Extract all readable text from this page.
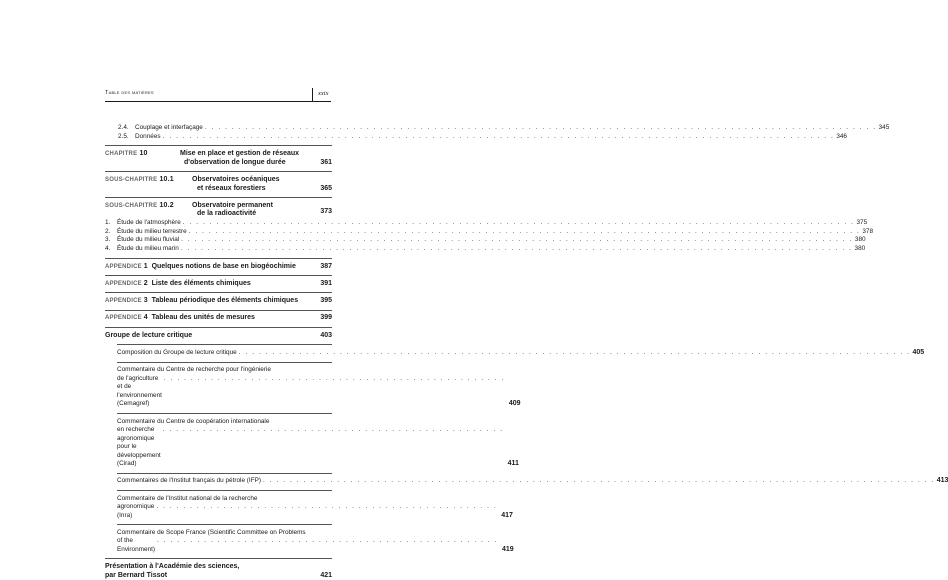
Table des matières	xxix
2.4. Couplage et interfaçage . . .	345
2.5. Données . . .	346
CHAPITRE 10	Mise en place et gestion de réseaux
d'observation de longue durée	361
SOUS-CHAPITRE 10.1	Observatoires océaniques
et réseaux forestiers	365
SOUS-CHAPITRE 10.2	Observatoire permanent
de la radioactivité	373
1. Étude de l'atmosphère . . .	375
2. Étude du milieu terrestre . . .	378
3. Étude du milieu fluvial . . .	380
4. Étude du milieu marin . . .	380
APPENDICE 1 Quelques notions de base en biogéochimie	387
APPENDICE 2 Liste des éléments chimiques	391
APPENDICE 3 Tableau périodique des éléments chimiques	395
APPENDICE 4 Tableau des unités de mesures	399
Groupe de lecture critique	403
Composition du Groupe de lecture critique . . .	405
Commentaire du Centre de recherche pour l'ingénierie
de l'agriculture et de l'environnement (Cemagref)
. . .	409
Commentaire du Centre de coopération internationale
en recherche agronomique pour le développement (Cirad)
. . .	411
Commentaires de l'Institut français du pétrole (IFP) . . .	413
Commentaire de l'Institut national de la recherche
agronomique (Inra)
. . .	417
Commentaire de Scope France (Scientific Committee on Problems
of the Environment)
. . .	419
Présentation à l'Académie des sciences,
par Bernard Tissot	421
